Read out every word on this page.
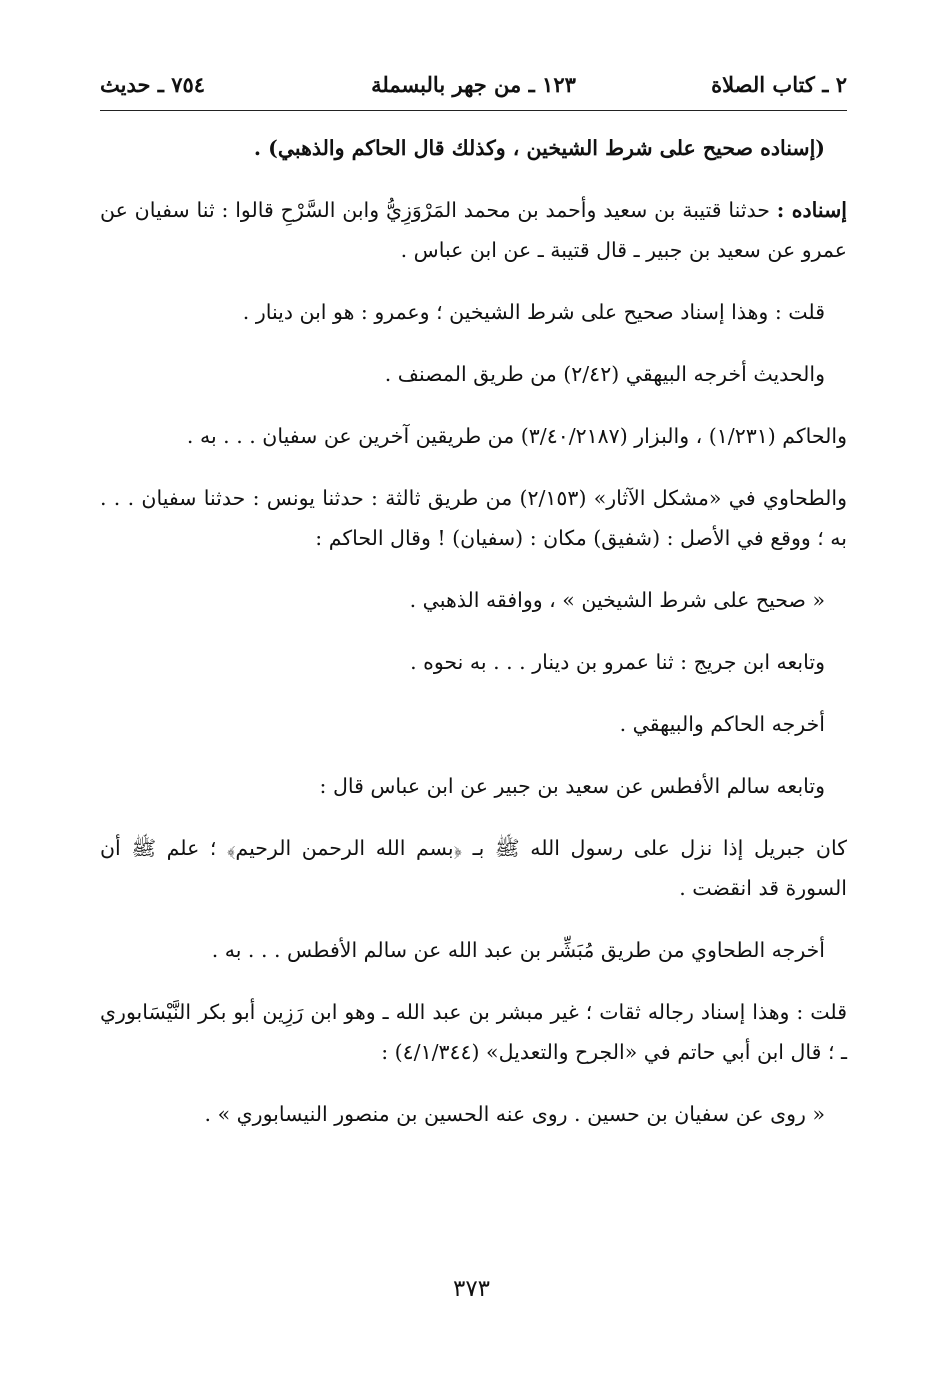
٢ ـ كتاب الصلاة
١٢٣ ـ من جهر بالبسملة
٧٥٤ ـ حديث
(إسناده صحيح على شرط الشيخين ، وكذلك قال الحاكم والذهبي) .
إسناده : حدثنا قتيبة بن سعيد وأحمد بن محمد المَرْوَزِيُّ وابن السَّرْحِ قالوا : ثنا سفيان عن عمرو عن سعيد بن جبير ـ قال قتيبة ـ عن ابن عباس .
قلت : وهذا إسناد صحيح على شرط الشيخين ؛ وعمرو : هو ابن دينار .
والحديث أخرجه البيهقي (٢/٤٢) من طريق المصنف .
والحاكم (١/٢٣١) ، والبزار (٣/٤٠/٢١٨٧) من طريقين آخرين عن سفيان . . . به .
والطحاوي في «مشكل الآثار» (٢/١٥٣) من طريق ثالثة : حدثنا يونس : حدثنا سفيان . . . به ؛ ووقع في الأصل : (شفيق) مكان : (سفيان) ! وقال الحاكم :
« صحيح على شرط الشيخين » ، ووافقه الذهبي .
وتابعه ابن جريج : ثنا عمرو بن دينار . . . به نحوه .
أخرجه الحاكم والبيهقي .
وتابعه سالم الأفطس عن سعيد بن جبير عن ابن عباس قال :
كان جبريل إذا نزل على رسول الله ﷺ بـ ﴿بسم الله الرحمن الرحيم﴾ ؛ علم ﷺ أن السورة قد انقضت .
أخرجه الطحاوي من طريق مُبَشِّر بن عبد الله عن سالم الأفطس . . . به .
قلت : وهذا إسناد رجاله ثقات ؛ غير مبشر بن عبد الله ـ وهو ابن رَزِين أبو بكر النَّيْسَابوري ـ ؛ قال ابن أبي حاتم في «الجرح والتعديل» (٤/١/٣٤٤) :
« روى عن سفيان بن حسين . روى عنه الحسين بن منصور النيسابوري » .
٣٧٣
